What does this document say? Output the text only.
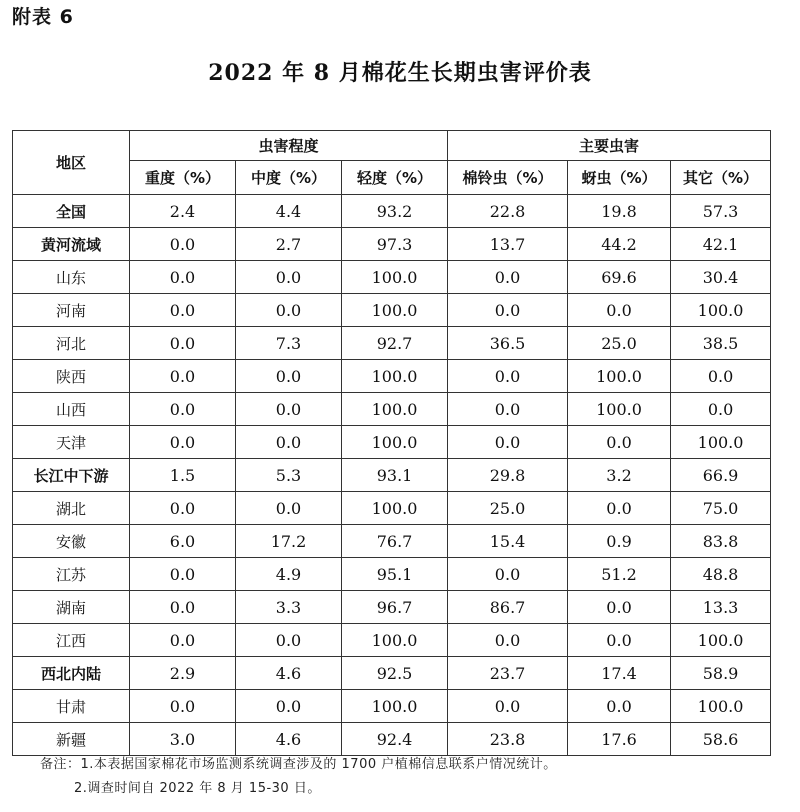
附表 6
2022 年 8 月棉花生长期虫害评价表
地区	虫害程度			主要虫害		
	重度（%）	中度（%）	轻度（%）	棉铃虫（%）	蚜虫（%）	其它（%）
全国	2.4	4.4	93.2	22.8	19.8	57.3
黄河流域	0.0	2.7	97.3	13.7	44.2	42.1
山东	0.0	0.0	100.0	0.0	69.6	30.4
河南	0.0	0.0	100.0	0.0	0.0	100.0
河北	0.0	7.3	92.7	36.5	25.0	38.5
陕西	0.0	0.0	100.0	0.0	100.0	0.0
山西	0.0	0.0	100.0	0.0	100.0	0.0
天津	0.0	0.0	100.0	0.0	0.0	100.0
长江中下游	1.5	5.3	93.1	29.8	3.2	66.9
湖北	0.0	0.0	100.0	25.0	0.0	75.0
安徽	6.0	17.2	76.7	15.4	0.9	83.8
江苏	0.0	4.9	95.1	0.0	51.2	48.8
湖南	0.0	3.3	96.7	86.7	0.0	13.3
江西	0.0	0.0	100.0	0.0	0.0	100.0
西北内陆	2.9	4.6	92.5	23.7	17.4	58.9
甘肃	0.0	0.0	100.0	0.0	0.0	100.0
新疆	3.0	4.6	92.4	23.8	17.6	58.6
备注：1.本表据国家棉花市场监测系统调查涉及的 1700 户植棉信息联系户情况统计。
2.调查时间自 2022 年 8 月 15-30 日。
